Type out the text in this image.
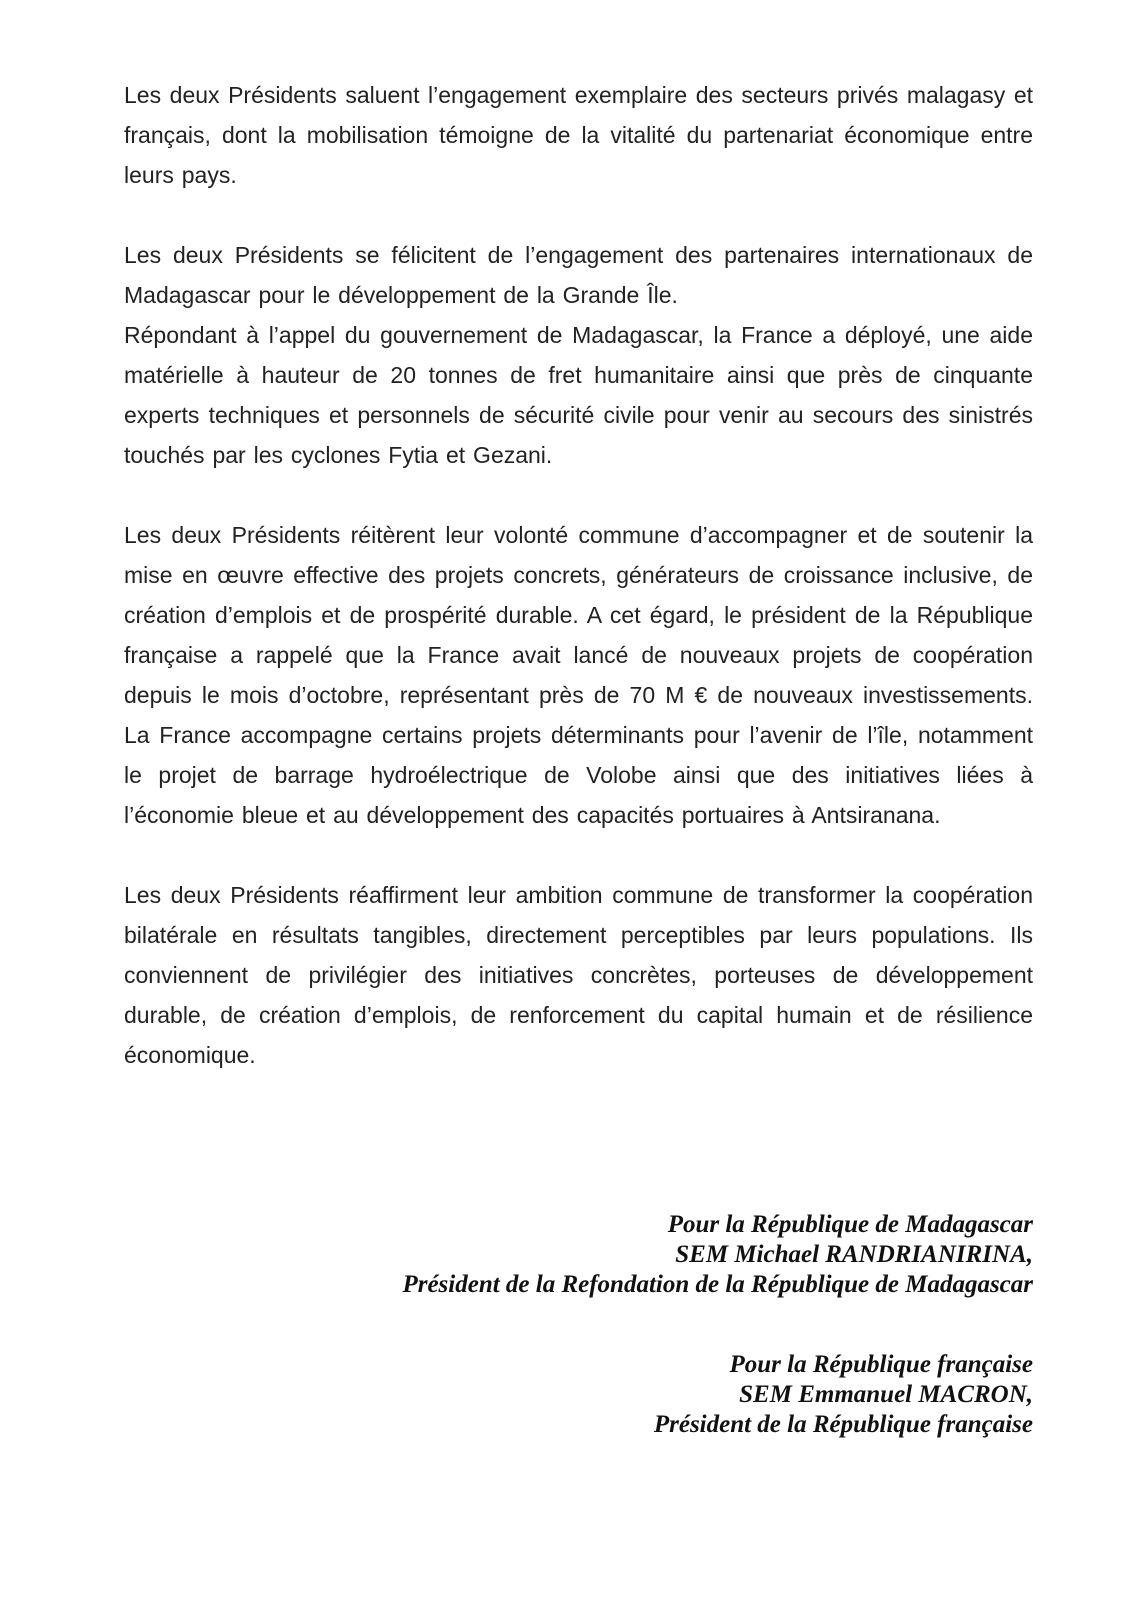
Les deux Présidents saluent l’engagement exemplaire des secteurs privés malagasy et français, dont la mobilisation témoigne de la vitalité du partenariat économique entre leurs pays.

Les deux Présidents se félicitent de l’engagement des partenaires internationaux de Madagascar pour le développement de la Grande Île.

Répondant à l’appel du gouvernement de Madagascar, la France a déployé, une aide matérielle à hauteur de 20 tonnes de fret humanitaire ainsi que près de cinquante experts techniques et personnels de sécurité civile pour venir au secours des sinistrés touchés par les cyclones Fytia et Gezani.

Les deux Présidents réitèrent leur volonté commune d’accompagner et de soutenir la mise en œuvre effective des projets concrets, générateurs de croissance inclusive, de création d’emplois et de prospérité durable. A cet égard, le président de la République française a rappelé que la France avait lancé de nouveaux projets de coopération depuis le mois d’octobre, représentant près de 70 M € de nouveaux investissements. La France accompagne certains projets déterminants pour l’avenir de l’île, notamment le projet de barrage hydroélectrique de Volobe ainsi que des initiatives liées à l’économie bleue et au développement des capacités portuaires à Antsiranana.

Les deux Présidents réaffirment leur ambition commune de transformer la coopération bilatérale en résultats tangibles, directement perceptibles par leurs populations. Ils conviennent de privilégier des initiatives concrètes, porteuses de développement durable, de création d’emplois, de renforcement du capital humain et de résilience économique.

Pour la République de Madagascar
SEM Michael RANDRIANIRINA,
Président de la Refondation de la République de Madagascar
Pour la République française
SEM Emmanuel MACRON,
Président de la République française
